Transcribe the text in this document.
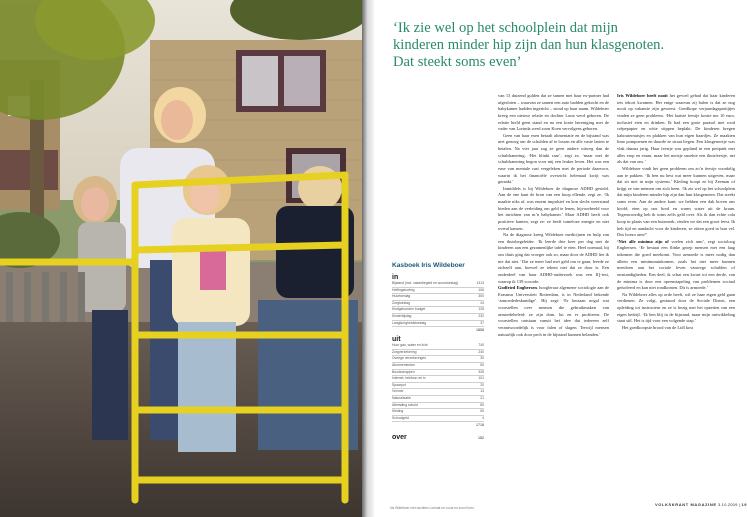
Kasboek Iris Wildeboer
in
Bijstand (incl. vakantiegeld en woontoeslag)	1313
Heffingskorting	106
Huurtoeslag	300
Zorgtoeslag	24
Kindgebonden budget	125
Kinderbijslag	232
Langdurigheidstoeslag	37
1858
uit
Huur gas, water en licht	740
Zorgverzekering	240
Overige verzekeringen	30
Abonnementen	50
Boodschappen	325
Internet, telefoon en tv	101
Spaarpot	20
Vervoer	14
Naturalisatie	21
Afbetaling schuld	80
Kleding	50
Schoolgeld	4
1718
over	152
Iris Wildeboer met dochters Lorinda en Lucia en zoon Koen
‘Ik zie wel op het schoolplein dat mijn kinderen minder hip zijn dan hun klasgenoten. Dat steekt soms even’

van 13 duizend gulden dat ze samen met haar ex-partner had afgesloten – waarvan ze samen een auto hadden gekocht en de babykamer hadden ingericht – stond op haar naam. Wildeboer kreeg een nieuwe relatie en dochter Luna werd geboren. De relatie hield geen stand en na een korte hereniging met de vader van Lorinda werd zoon Koen vervolgens geboren.

Geen van haar exen betaalt alimentatie en de bijstand was niet genoeg om de schulden af te lossen en alle vaste lasten te betalen. Na vier jaar zag ze geen andere uitweg dan de schuldsanering. ‘Het klinkt raar’, zegt ze, ‘maar met de schuldsanering begon voor mij een leuker leven. Het was een ease van mentale rust vergeleken met de periode daarvoor, waarin ik het financiële overzicht helemaal kwijt was geraakt.’

Inmiddels is bij Wildeboer de diagnose ADHD gesteld. Aan de ene kant de bron van een hoop ellende, zegt ze. ‘Ik maakte niks af, was enorm impulsief en kon slecht weerstand bieden aan de verleiding om geld te lenen, bijvoorbeeld voor het inrichten van m’n babykamer.’ Maar ADHD heeft ook positieve kanten, zegt ze: ze heeft tomeloze energie en niet overal kansen.

Na de diagnose kreeg Wildeboer medicijnen en hulp van een thuisbegeleider. ‘Ik leerde drie keer per dag met de kinderen aan een gezamenlijke tafel te eten. Heel normaal, bij ons thuis ging dat vroeger ook zo, maar door de ADHD liet ik me dat niet.’ Dat ze meer had met geld om te gaan, leerde ze zichzelf aan, hoewel ze tekent niet dat ze door is. Een onderdeel van haar ADHD-onderzoek was een IQ-test, waarop ik 139 scoorde.

Godfried Engbersen, hoogleraar algemene sociologie aan de Erasmus Universiteit Rotterdam, is in Nederland bekende ‘armoededeskundige’. Hij zegt: ‘Er bestaan nogal wat voorstellen over mensen die gebruikmaken van armoedebeleid: ze zijn dom, lui en er profiteren. De voorstellen ontstaan vanuit het idee dat iedereen zelf verantwoordelijk is voor falen of slagen. Terwijl mensen natuurlijk ook door pech in de bijstand kunnen belanden.’

Iris Wildeboer heeft nooit het gevoel gehad dat haar kinderen iets tekort kwamen. Het enige waarvan zij balen is dat ze nog nooit op vakantie zijn geweest. Goedkope verjaardagspartijtjes vinden ze geen probleem. ‘Het laatste feestje kostte me 10 euro, inclusief eten en drinken. Ik had een grote parasol met rood crêpepapier en witte stippen beplakt. De kinderen kregen kabouternutsjes en plakken van hun eigen baardjes. Ze maakten limo pompoenen en duurde ze straat liegen. Een klasgenootje was vlak daarna jarig. Haar feestje was gepland in een pretpark met alles erop en eraan, maar het meisje snoekte een thuisfeestje, net als dat van ons.’

Wildeboer vindt het geen probleem om zo’n feestje voordelig aan te pakken. ‘Ik ben nu best wat meer kunnen uitgeven, maar dat zit niet in mijn systeem.’ Kleding koopt ze bij Zeeman of krijgt ze van mensen om zich heen. ‘Ik zie wel op het schoolplein dat mijn kinderen minder hip zijn dan hun klasgenoten. Dat steekt soms even. Aan de andere kant: we hebben een dak boven ons hoofd, eten op ons bord en warm water uit de kraan. Tegenwoordig heb ik soms zelfs geld over. Als ik dan echte cola koop in plaats van een huismerk, vinden we dat een groot feest. Ik heb tijd en aandacht voor de kinderen, ze zitten goed in hun vel. Dus hoezo arm?’

‘Niet alle minima zijn of voelen zich arm’, zegt socioloog Engbersen. ‘Er bestaat een flinke groep mensen met een laag inkomen die goed meekomt. Voor armoede is meer nodig dan alleen een minimuminkomen, zoals het niet meer kunnen meedoen aan het sociale leven vanwege schulden of omstandigheden. Een deel, ik schat een kwart tot een derde, van de minima is door een opeenstapeling van problemen sociaal geïsoleerd en kan niet rondkomen. Dit is armoede.’

Na Wildeboer alles op orde heeft, wil ze haar eigen geld gaan verdienen. Ze volgt, gestuurd door de Sociale Dienst, een opleiding tot instructeur en ze is bezig met het opzetten van een eigen bedrijf. ‘Ik ben blij in de bijstand, maar mijn ontwikkeling staat stil. Het is tijd voor een volgende stap.’

Het goedkoopste brood van de Lidl kost

VOLKSKRANT MAGAZINE 3.10.2009 | 19
